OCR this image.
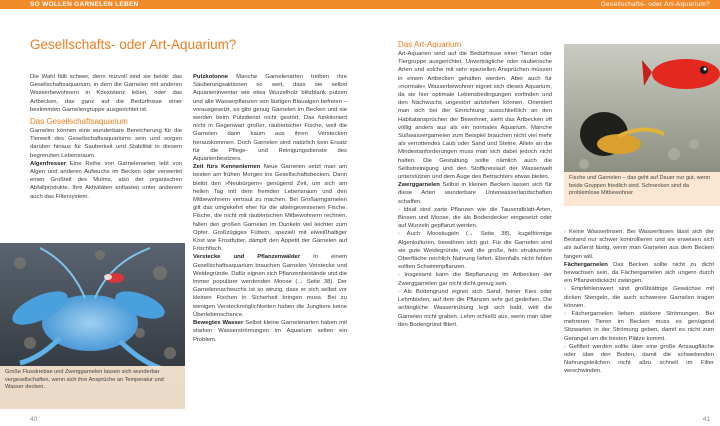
SO WOLLEN GARNELEN LEBEN	Gesellschafts- oder Art-Aquarium?
Gesellschafts- oder Art-Aquarium?

Die Wahl fällt schwer, denn reizvoll sind sie beide: das Gesellschaftsaquarium, in dem die Garnelen mit anderen Wasserbewohnern in Koexistenz leben, oder das Artbecken, das ganz auf die Bedürfnisse einer bestimmten Garnelengruppe ausgerichtet ist.

Das Gesellschaftsaquarium

Garnelen können eine wunderbare Bereicherung für die Tierwelt des Gesellschaftsaquariums sein und sorgen darüber hinaus für Sauberkeit und Stabilität in diesem begrenzten Lebensraum.

Algenfresser Eine Reihe von Garnelenarten lebt von Algen und anderen Aufwuchs im Becken oder verwertet einen Großteil des Mulms, also der organischen Abfallprodukte. Ihre Aktivitäten entlasten unter anderem auch das Filtersystem.

Große Flusskrebse und Zwerggarnelen lassen sich wunderbar vergesellschaften, wenn sich ihre Ansprüche an Temperatur und Wasser decken.

Putzkolonne Manche Garnelenarten treiben ihre Säuberungsaktionen so weit, dass sie selbst Aquarieninventar wie etwa Wurzelholz blitzblank putzen und alle Wasserpflanzen von lästigen Blaualgen befreien – vorausgesetzt, es gibt genug Garnelen im Becken und sie werden beim Putzdienst nicht gestört. Das funktioniert nicht in Gegenwart großer, räuberischer Fische, weil die Garnelen dann kaum aus ihren Verstecken herauskommen. Doch Garnelen sind natürlich kein Ersatz für die Pflege- und Reinigungsdienste des Aquarienbesitzers.

Zeit fürs Kennenlernen Neue Garnelen setzt man am besten am frühen Morgen ins Gesellschaftsbecken. Dann bleibt den »Neubürgern« genügend Zeit, um sich am hellen Tag mit dem fremden Lebensraum und den Mitbewohnern vertraut zu machen. Bei Großarmgarnelen gilt das umgekehrt eher für die alteingesessenen Fische. Fische, die nicht mit räuberischen Mitbewohnern rechnen, fallen den großen Garnelen im Dunkeln viel leichter zum Opfer. Großzügiges Füttern, speziell mit eiweißhaltiger Kost wie Frostfutter, dämpft den Appetit der Garnelen auf Frischfisch.

Verstecke und Pflanzenwälder In einem Gesellschaftsaquarium brauchen Garnelen Verstecke und Weidegründe. Dafür eignen sich Pflanzenbestände und die immer populärer werdenden Moose (→ Seite 38). Der Garnelennachwuchs ist so winzig, dass er sich selbst vor kleinen Fischen in Sicherheit bringen muss. Bei zu wenigen Versteckmöglichkeiten haben die Jungtiere keine Überlebenschance.

Bewegtes Wasser Selbst kleine Garnelenarten haben mit starken Wasserströmungen im Aquarium selten ein Problem.

Das Art-Aquarium

Art-Aquarien sind auf die Bedürfnisse einer Tierart oder Tiergruppe ausgerichtet. Unverträgliche oder räuberische Arten und solche mit sehr speziellen Ansprüchen müssen in einem Artbecken gehalten werden. Aber auch für »normale« Wasserbewohner eignet sich dieses Aquarium, da sie hier optimale Lebensbedingungen vorfinden und den Nachwuchs ungestört aufziehen können. Orientiert man sich bei der Einrichtung ausschließlich an den Habitatansprüchen der Bewohner, sieht das Artbecken oft völlig anders aus als ein normales Aquarium. Manche Süßwassergarnelen zum Beispiel brauchen nicht viel mehr als verrottendes Laub oder Sand und Steine. Allein an die Mindestanforderungen muss man sich dabei jedoch nicht halten. Die Gestaltung sollte nämlich auch die Selbstreinigung und den Stoffkreislauf der Wasserwelt unterstützen und dem Auge des Betrachters etwas bieten.

Zwerggarnelen Selbst in kleinen Becken lassen sich für diese Arten wunderbare Unterwasserlandschaften schaffen.

› Ideal sind zarte Pflanzen wie die Tausendblatt-Arten, Binsen und Moose, die als Bodendecker eingesetzt oder auf Wurzeln gepflanzt werden.

› Auch Mooskugeln (→ Seite 38), kugelförmige Algenkulturen, bewähren sich gut. Für die Garnelen sind sie gute Weidegründe, weil die große, fein strukturierte Oberfläche reichlich Nahrung liefert. Ebenfalls nicht fehlen sollten Schwimmpflanzen.

› Insgesamt kann die Bepflanzung im Artbecken der Zwerggarnelen gar nicht dicht genug sein.

› Als Bodengrund eignet sich Sand, feiner Kies oder Lehmboden, auf dem die Pflanzen sehr gut gedeihen. Die anfängliche Wassertrübung legt sich bald, weil die Garnelen nicht graben. Lehm schießt aus, wenn man über den Bodengrund filtert.

Fische und Garnelen – das geht auf Dauer nur gut, wenn beide Gruppen friedlich sind. Schnecken sind da problemlose Mitbewohner.

› Keine Wasserlinsen. Bei Wasserlinsen lässt sich der Bestand nur schwer kontrollieren und sie erweisen sich als äußerst lästig, wenn man Garnelen aus dem Becken fangen will.

Fächergarnelen Das Becken sollte nicht zu dicht bewachsen sein, da Fächergarnelen sich ungern durch ein Pflanzendickicht zwängen.

› Empfehlenswert sind großblättrige Gewächse mit dicken Stengeln, die auch schwerere Garnelen tragen können.

› Fächergarnelen lieben stärkere Strömungen. Bei mehreren Tieren im Becken muss es genügend Sitzwarten in der Strömung geben, damit es nicht zum Gerangel um die besten Plätze kommt.

› Gefiltert werden sollte über eine große Ansaugfläche oder über den Boden, damit die schwebenden Nahrungsteilchen nicht allzu schnell im Filter verschwinden.

40	41
